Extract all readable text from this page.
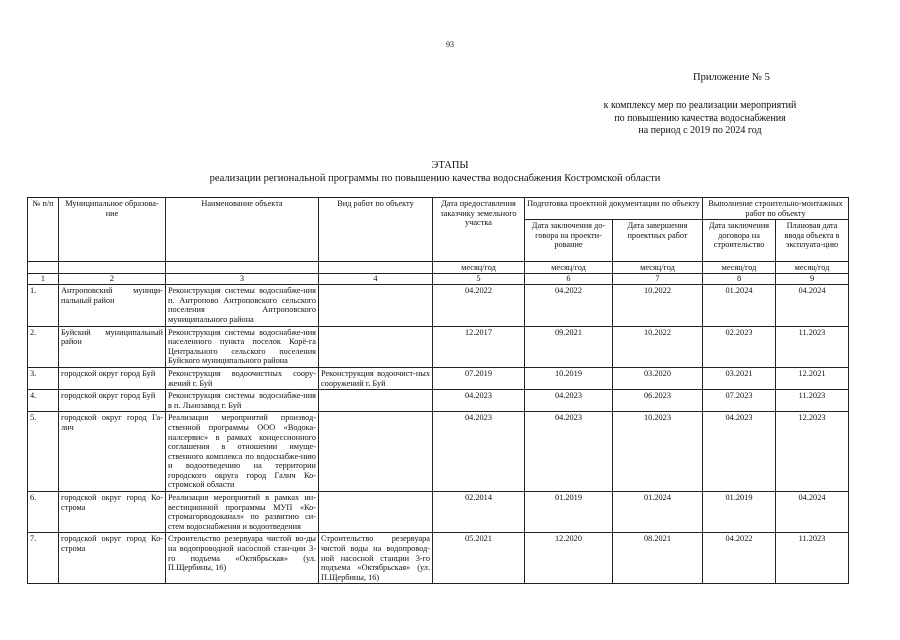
93
Приложение № 5
к комплексу мер по реализации мероприятий
по повышению качества водоснабжения
на период с 2019 по 2024 год
ЭТАПЫ
реализации региональной программы по повышению качества водоснабжения Костромской области
№ п/п	Муниципальное образова-ние	Наименование объекта	Вид работ по объекту	Дата предоставления заказчику земельного участка	Подготовка проектной документации по объекту		Выполнение строительно-монтажных работ по объекту	
					Дата заключения до-говора на проекти-рование	Дата завершения проектных работ	Дата заключения договора на строительство	Плановая дата ввода объекта в эксплуата-цию
				месяц/год	месяц/год	месяц/год	месяц/год	месяц/год
1	2	3	4	5	6	7	8	9
1.	Антроповский муници-пальный район	Реконструкция системы водоснабже-ния п. Антропово Антроповского сельского поселения Антроповского муниципального района		04.2022	04.2022	10.2022	01.2024	04.2024
2.	Буйский муниципальный район	Реконструкция системы водоснабже-ния населенного пункта поселок Корё-га Центрального сельского поселения Буйского муниципального района		12.2017	09.2021	10.2022	02.2023	11.2023
3.	городской округ город Буй	Реконструкция водоочистных соору-жений г. Буй	Реконструкция водоочист-ных сооружений г. Буй	07.2019	10.2019	03.2020	03.2021	12.2021
4.	городской округ город Буй	Реконструкция системы водоснабже-ния в п. Льнозавод г. Буй		04.2023	04.2023	06.2023	07.2023	11.2023
5.	городской округ город Га-лич	Реализация мероприятий производ-ственной программы ООО «Водока-налсервис» в рамках концессионного соглашения в отношении имуще-ственного комплекса по водоснабже-нию и водоотведению на территории городского округа город Галич Ко-стромской области		04.2023	04.2023	10.2023	04.2023	12.2023
6.	городской округ город Ко-строма	Реализация мероприятий в рамках ин-вестиционной программы МУП «Ко-стромагорводоканал» по развитию си-стем водоснабжения и водоотведения		02.2014	01.2019	01.2024	01.2019	04.2024
7.	городской округ город Ко-строма	Строительство резервуара чистой во-ды на водопроводной насосной стан-ции 3-го подъема «Октябрьская» (ул. П.Щербины, 16)	Строительство резервуара чистой воды на водопровод-ной насосной станции 3-го подъема «Октябрьская» (ул. П.Щербины, 16)	05.2021	12.2020	08.2021	04.2022	11.2023
